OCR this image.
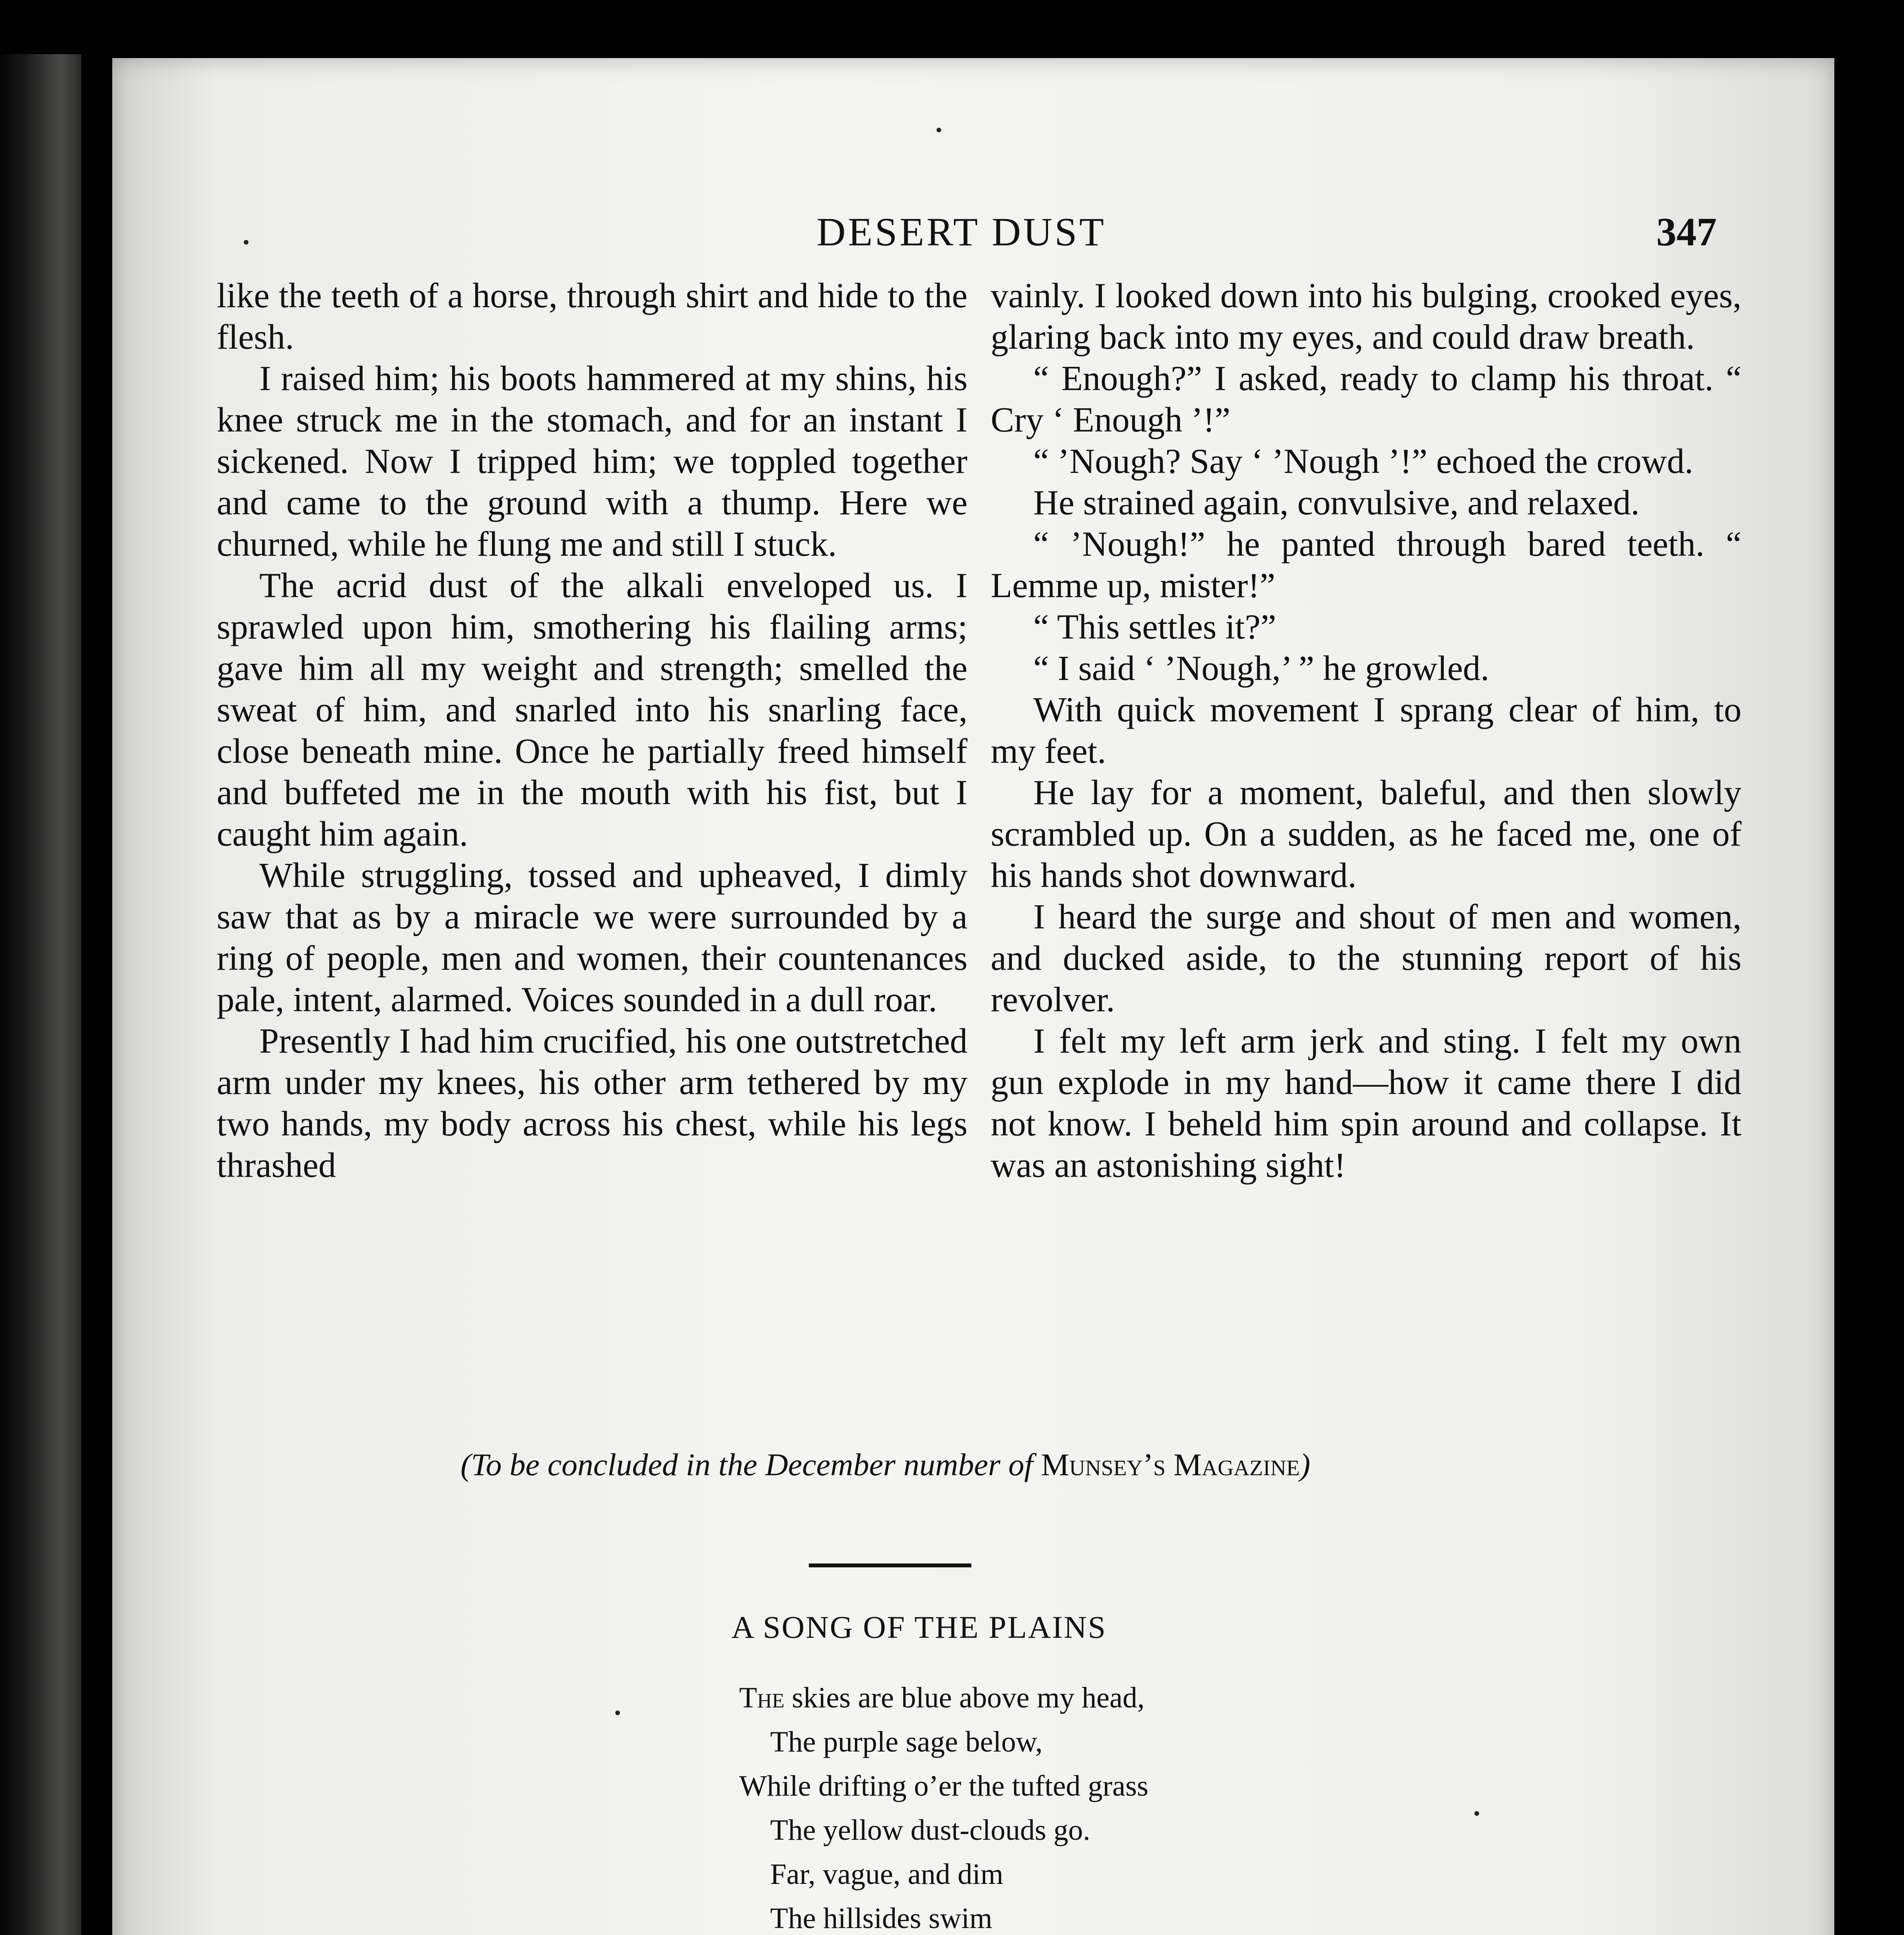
DESERT DUST	347

like the teeth of a horse, through shirt and hide to the flesh.

I raised him; his boots hammered at my shins, his knee struck me in the stomach, and for an instant I sickened. Now I tripped him; we toppled together and came to the ground with a thump. Here we churned, while he flung me and still I stuck.

The acrid dust of the alkali enveloped us. I sprawled upon him, smothering his flailing arms; gave him all my weight and strength; smelled the sweat of him, and snarled into his snarling face, close beneath mine. Once he partially freed himself and buffeted me in the mouth with his fist, but I caught him again.

While struggling, tossed and upheaved, I dimly saw that as by a miracle we were surrounded by a ring of people, men and women, their countenances pale, intent, alarmed. Voices sounded in a dull roar.

Presently I had him crucified, his one outstretched arm under my knees, his other arm tethered by my two hands, my body across his chest, while his legs thrashed

vainly. I looked down into his bulging, crooked eyes, glaring back into my eyes, and could draw breath.

“ Enough?” I asked, ready to clamp his throat. “ Cry ‘ Enough ’!”

“ ’Nough? Say ‘ ’Nough ’!” echoed the crowd.

He strained again, convulsive, and relaxed.

“ ’Nough!” he panted through bared teeth. “ Lemme up, mister!”

“ This settles it?”

“ I said ‘ ’Nough,’ ” he growled.

With quick movement I sprang clear of him, to my feet.

He lay for a moment, baleful, and then slowly scrambled up. On a sudden, as he faced me, one of his hands shot downward.

I heard the surge and shout of men and women, and ducked aside, to the stunning report of his revolver.

I felt my left arm jerk and sting. I felt my own gun explode in my hand—how it came there I did not know. I beheld him spin around and collapse. It was an astonishing sight!

(To be concluded in the December number of Munsey’s Magazine)
A SONG OF THE PLAINS
The skies are blue above my head,
The purple sage below,
While drifting o’er the tufted grass
The yellow dust-clouds go.
Far, vague, and dim
The hillsides swim
